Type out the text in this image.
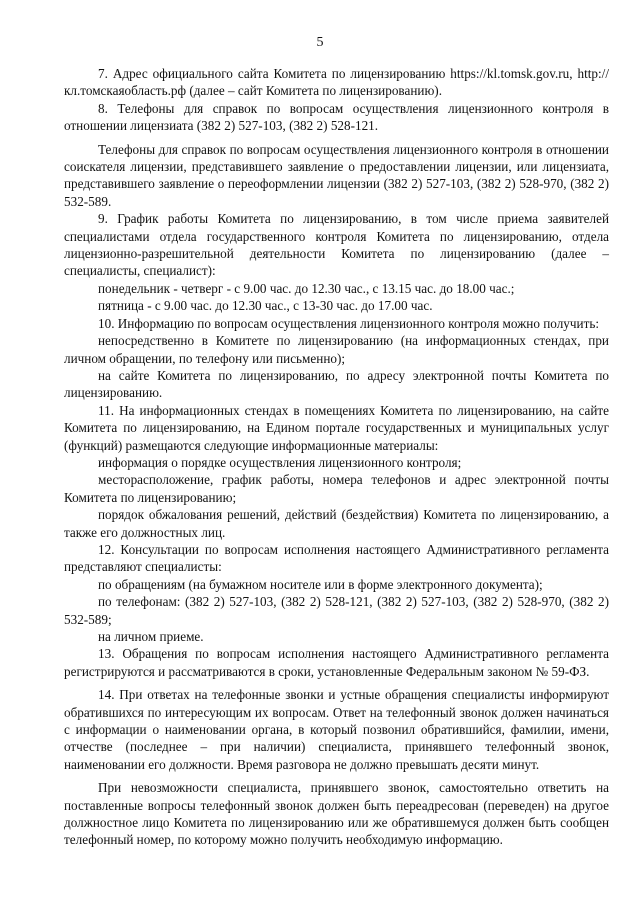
5

7. Адрес официального сайта Комитета по лицензированию https://kl.tomsk.gov.ru, http://кл.томскаяобласть.рф (далее – сайт Комитета по лицензированию).

8. Телефоны для справок по вопросам осуществления лицензионного контроля в отношении лицензиата (382 2) 527-103, (382 2) 528-121.

Телефоны для справок по вопросам осуществления лицензионного контроля в отношении соискателя лицензии, представившего заявление о предоставлении лицензии, или лицензиата, представившего заявление о переоформлении лицензии (382 2) 527-103, (382 2) 528-970, (382 2) 532-589.

9. График работы Комитета по лицензированию, в том числе приема заявителей специалистами отдела государственного контроля Комитета по лицензированию, отдела лицензионно-разрешительной деятельности Комитета по лицензированию (далее – специалисты, специалист):

понедельник - четверг - с 9.00 час. до 12.30 час., с 13.15 час. до 18.00 час.;

пятница - с 9.00 час. до 12.30 час., с 13-30 час. до 17.00 час.

10. Информацию по вопросам осуществления лицензионного контроля можно получить:

непосредственно в Комитете по лицензированию (на информационных стендах, при личном обращении, по телефону или письменно);

на сайте Комитета по лицензированию, по адресу электронной почты Комитета по лицензированию.

11. На информационных стендах в помещениях Комитета по лицензированию, на сайте Комитета по лицензированию, на Едином портале государственных и муниципальных услуг (функций) размещаются следующие информационные материалы:

информация о порядке осуществления лицензионного контроля;

месторасположение, график работы, номера телефонов и адрес электронной почты Комитета по лицензированию;

порядок обжалования решений, действий (бездействия) Комитета по лицензированию, а также его должностных лиц.

12. Консультации по вопросам исполнения настоящего Административного регламента представляют специалисты:

по обращениям (на бумажном носителе или в форме электронного документа);

по телефонам: (382 2) 527-103, (382 2) 528-121, (382 2) 527-103, (382 2) 528-970, (382 2) 532-589;

на личном приеме.

13. Обращения по вопросам исполнения настоящего Административного регламента регистрируются и рассматриваются в сроки, установленные Федеральным законом № 59-ФЗ.

14. При ответах на телефонные звонки и устные обращения специалисты информируют обратившихся по интересующим их вопросам. Ответ на телефонный звонок должен начинаться с информации о наименовании органа, в который позвонил обратившийся, фамилии, имени, отчестве (последнее – при наличии) специалиста, принявшего телефонный звонок, наименовании его должности. Время разговора не должно превышать десяти минут.

При невозможности специалиста, принявшего звонок, самостоятельно ответить на поставленные вопросы телефонный звонок должен быть переадресован (переведен) на другое должностное лицо Комитета по лицензированию или же обратившемуся должен быть сообщен телефонный номер, по которому можно получить необходимую информацию.
